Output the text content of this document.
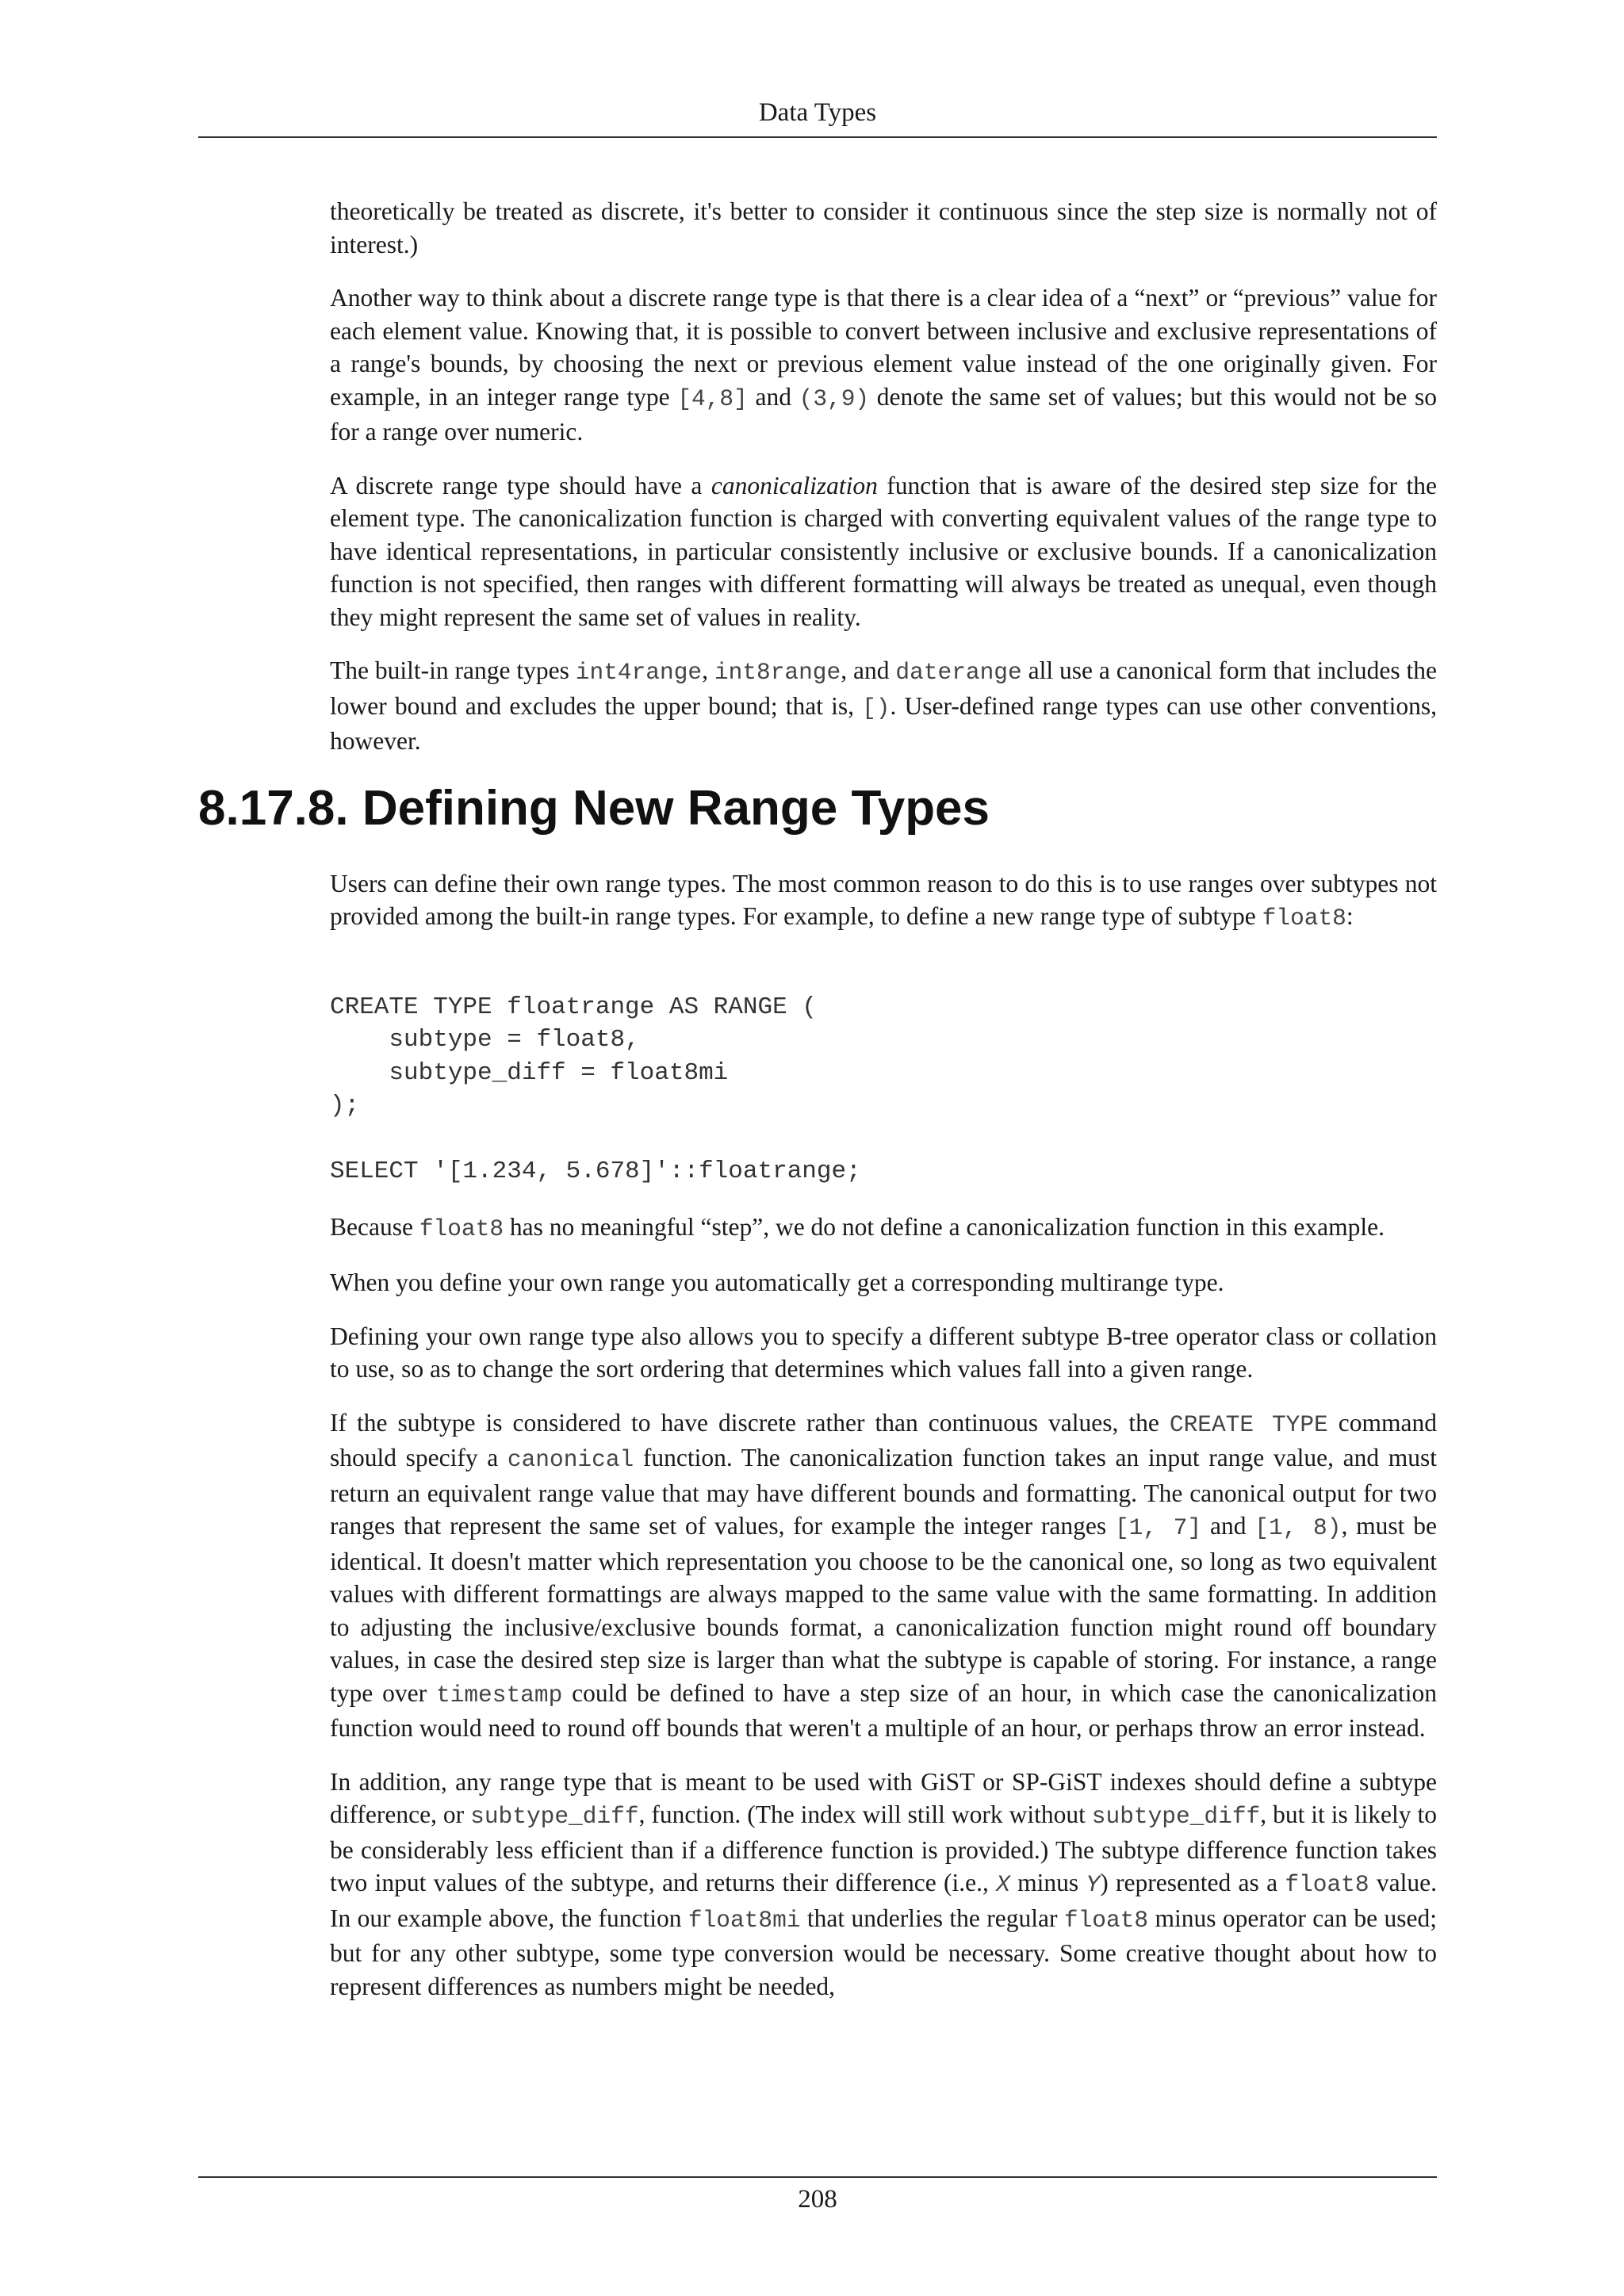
Data Types

theoretically be treated as discrete, it's better to consider it continuous since the step size is normally not of interest.)

Another way to think about a discrete range type is that there is a clear idea of a “next” or “previous” value for each element value. Knowing that, it is possible to convert between inclusive and exclusive representations of a range's bounds, by choosing the next or previous element value instead of the one originally given. For example, in an integer range type [4,8] and (3,9) denote the same set of values; but this would not be so for a range over numeric.

A discrete range type should have a canonicalization function that is aware of the desired step size for the element type. The canonicalization function is charged with converting equivalent values of the range type to have identical representations, in particular consistently inclusive or exclusive bounds. If a canonicalization function is not specified, then ranges with different formatting will always be treated as unequal, even though they might represent the same set of values in reality.

The built-in range types int4range, int8range, and daterange all use a canonical form that includes the lower bound and excludes the upper bound; that is, [). User-defined range types can use other conventions, however.

8.17.8. Defining New Range Types

Users can define their own range types. The most common reason to do this is to use ranges over subtypes not provided among the built-in range types. For example, to define a new range type of subtype float8:

CREATE TYPE floatrange AS RANGE (
subtype = float8,
subtype_diff = float8mi
);

SELECT '[1.234, 5.678]'::floatrange;

Because float8 has no meaningful “step”, we do not define a canonicalization function in this example.

When you define your own range you automatically get a corresponding multirange type.

Defining your own range type also allows you to specify a different subtype B-tree operator class or collation to use, so as to change the sort ordering that determines which values fall into a given range.

If the subtype is considered to have discrete rather than continuous values, the CREATE TYPE command should specify a canonical function. The canonicalization function takes an input range value, and must return an equivalent range value that may have different bounds and formatting. The canonical output for two ranges that represent the same set of values, for example the integer ranges [1, 7] and [1, 8), must be identical. It doesn't matter which representation you choose to be the canonical one, so long as two equivalent values with different formattings are always mapped to the same value with the same formatting. In addition to adjusting the inclusive/exclusive bounds format, a canonicalization function might round off boundary values, in case the desired step size is larger than what the subtype is capable of storing. For instance, a range type over timestamp could be defined to have a step size of an hour, in which case the canonicalization function would need to round off bounds that weren't a multiple of an hour, or perhaps throw an error instead.

In addition, any range type that is meant to be used with GiST or SP-GiST indexes should define a subtype difference, or subtype_diff, function. (The index will still work without subtype_diff, but it is likely to be considerably less efficient than if a difference function is provided.) The subtype difference function takes two input values of the subtype, and returns their difference (i.e., X minus Y) represented as a float8 value. In our example above, the function float8mi that underlies the regular float8 minus operator can be used; but for any other subtype, some type conversion would be necessary. Some creative thought about how to represent differences as numbers might be needed,

208
